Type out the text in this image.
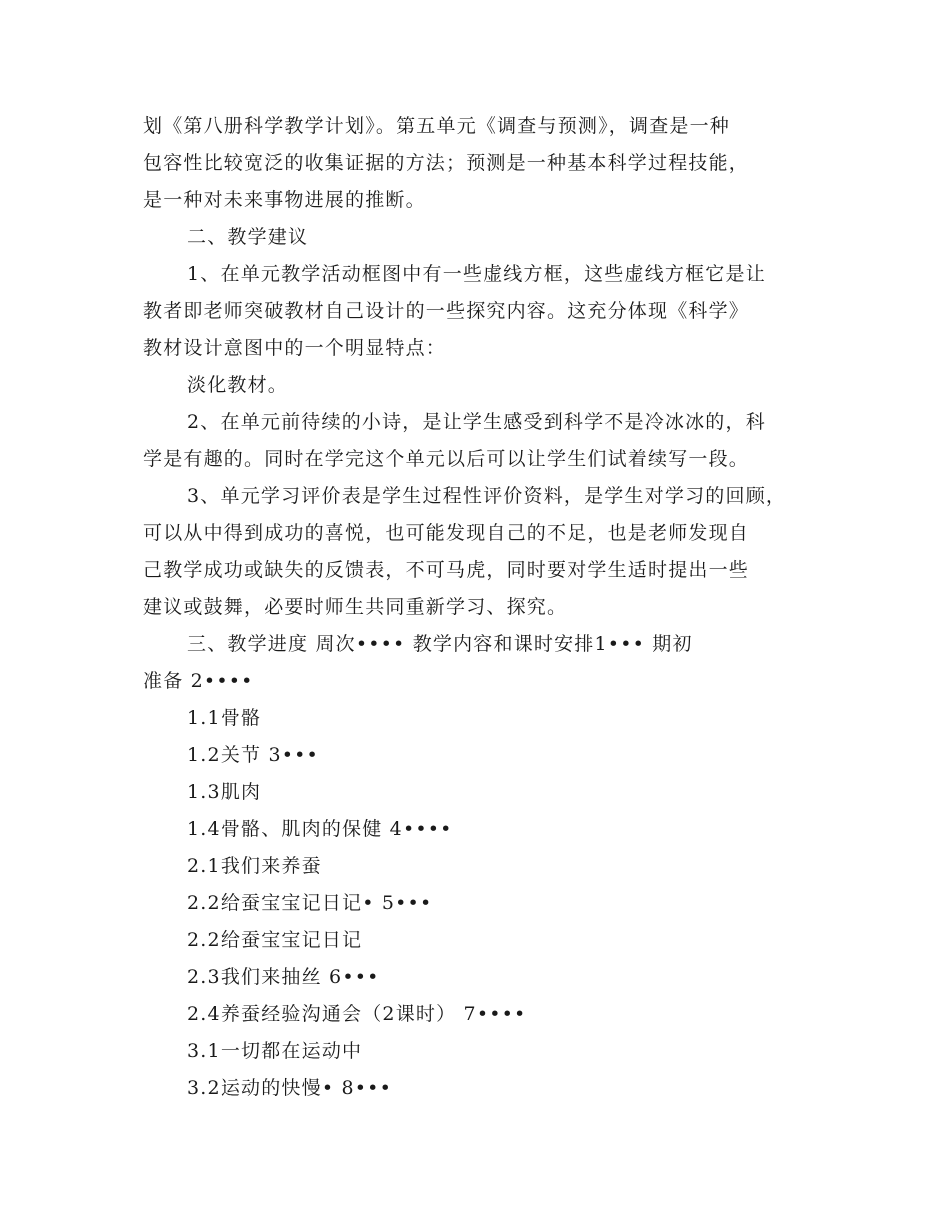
划《第八册科学教学计划》。第五单元《调查与预测》，调查是一种
包容性比较宽泛的收集证据的方法；预测是一种基本科学过程技能，
是一种对未来事物进展的推断。
二、教学建议
1、在单元教学活动框图中有一些虚线方框，这些虚线方框它是让
教者即老师突破教材自己设计的一些探究内容。这充分体现《科学》
教材设计意图中的一个明显特点：
淡化教材。
2、在单元前待续的小诗，是让学生感受到科学不是冷冰冰的，科
学是有趣的。同时在学完这个单元以后可以让学生们试着续写一段。
3、单元学习评价表是学生过程性评价资料，是学生对学习的回顾，
可以从中得到成功的喜悦，也可能发现自己的不足，也是老师发现自
己教学成功或缺失的反馈表，不可马虎，同时要对学生适时提出一些
建议或鼓舞，必要时师生共同重新学习、探究。
三、教学进度 周次•••• 教学内容和课时安排1••• 期初
准备 2••••
1.1骨骼
1.2关节 3•••
1.3肌肉
1.4骨骼、肌肉的保健 4••••
2.1我们来养蚕
2.2给蚕宝宝记日记• 5•••
2.2给蚕宝宝记日记
2.3我们来抽丝 6•••
2.4养蚕经验沟通会（2课时） 7••••
3.1一切都在运动中
3.2运动的快慢• 8•••
